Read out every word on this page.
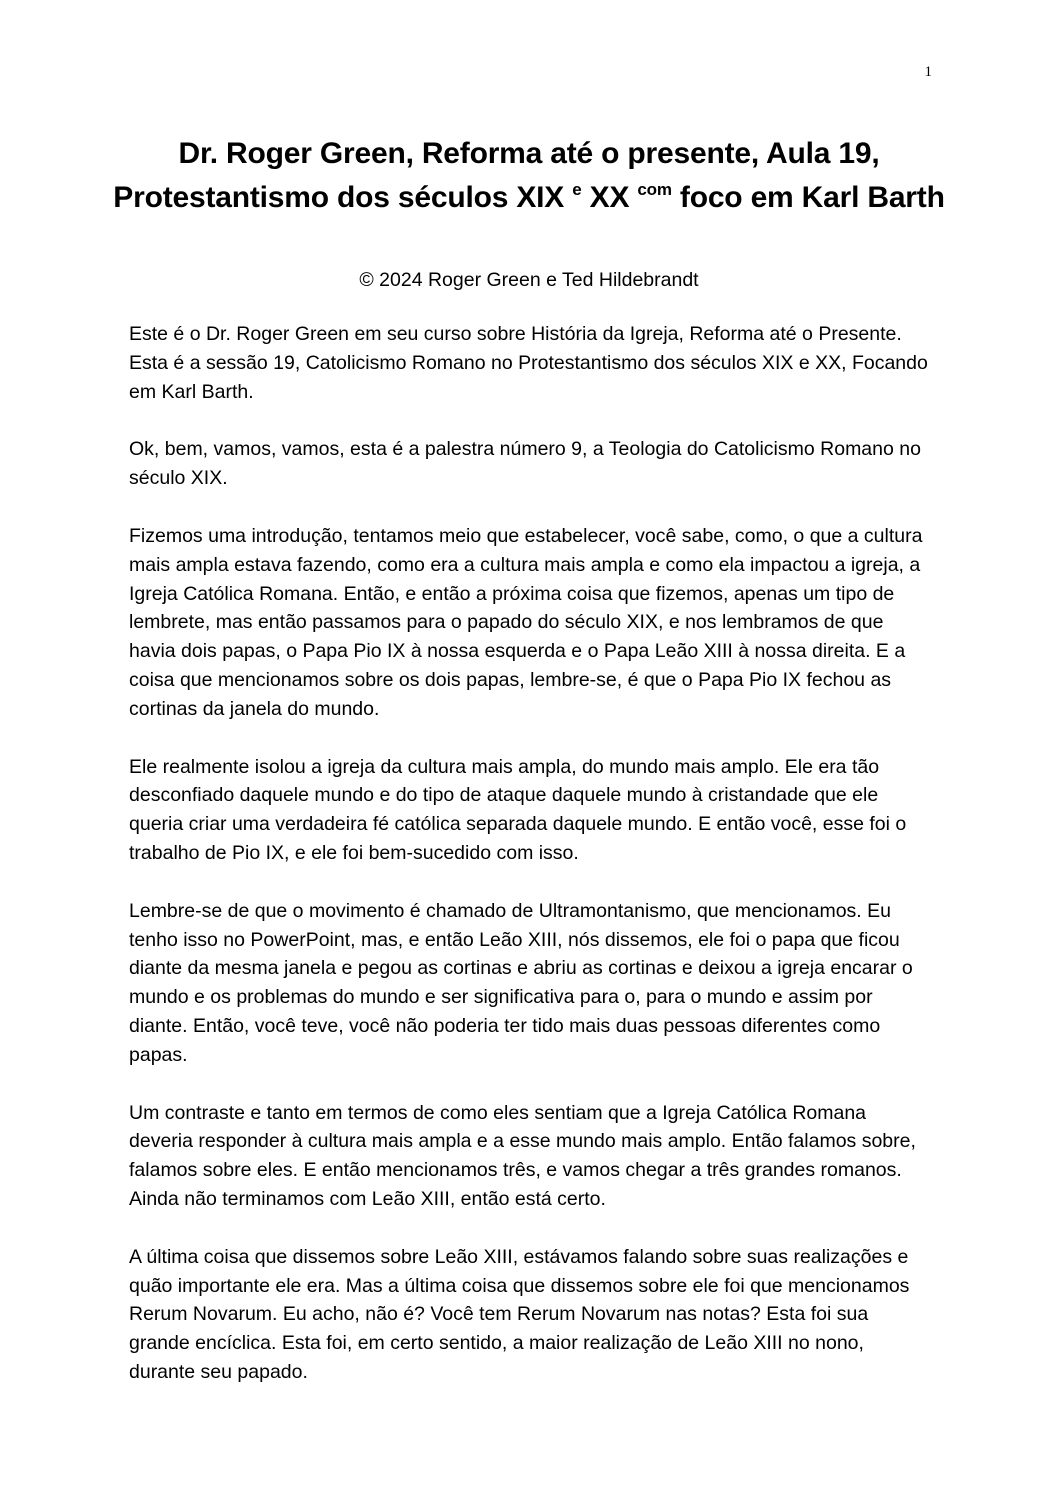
1
Dr. Roger Green, Reforma até o presente, Aula 19, Protestantismo dos séculos XIX $^e$ XX $^{com}$ foco em Karl Barth
© 2024 Roger Green e Ted Hildebrandt

Este é o Dr. Roger Green em seu curso sobre História da Igreja, Reforma até o Presente. Esta é a sessão 19, Catolicismo Romano no Protestantismo dos séculos XIX e XX, Focando em Karl Barth.

Ok, bem, vamos, vamos, esta é a palestra número 9, a Teologia do Catolicismo Romano no século XIX.

Fizemos uma introdução, tentamos meio que estabelecer, você sabe, como, o que a cultura mais ampla estava fazendo, como era a cultura mais ampla e como ela impactou a igreja, a Igreja Católica Romana. Então, e então a próxima coisa que fizemos, apenas um tipo de lembrete, mas então passamos para o papado do século XIX, e nos lembramos de que havia dois papas, o Papa Pio IX à nossa esquerda e o Papa Leão XIII à nossa direita. E a coisa que mencionamos sobre os dois papas, lembre-se, é que o Papa Pio IX fechou as cortinas da janela do mundo.

Ele realmente isolou a igreja da cultura mais ampla, do mundo mais amplo. Ele era tão desconfiado daquele mundo e do tipo de ataque daquele mundo à cristandade que ele queria criar uma verdadeira fé católica separada daquele mundo. E então você, esse foi o trabalho de Pio IX, e ele foi bem-sucedido com isso.

Lembre-se de que o movimento é chamado de Ultramontanismo, que mencionamos. Eu tenho isso no PowerPoint, mas, e então Leão XIII, nós dissemos, ele foi o papa que ficou diante da mesma janela e pegou as cortinas e abriu as cortinas e deixou a igreja encarar o mundo e os problemas do mundo e ser significativa para o, para o mundo e assim por diante. Então, você teve, você não poderia ter tido mais duas pessoas diferentes como papas.

Um contraste e tanto em termos de como eles sentiam que a Igreja Católica Romana deveria responder à cultura mais ampla e a esse mundo mais amplo. Então falamos sobre, falamos sobre eles. E então mencionamos três, e vamos chegar a três grandes romanos. Ainda não terminamos com Leão XIII, então está certo.

A última coisa que dissemos sobre Leão XIII, estávamos falando sobre suas realizações e quão importante ele era. Mas a última coisa que dissemos sobre ele foi que mencionamos Rerum Novarum. Eu acho, não é? Você tem Rerum Novarum nas notas? Esta foi sua grande encíclica. Esta foi, em certo sentido, a maior realização de Leão XIII no nono, durante seu papado.
